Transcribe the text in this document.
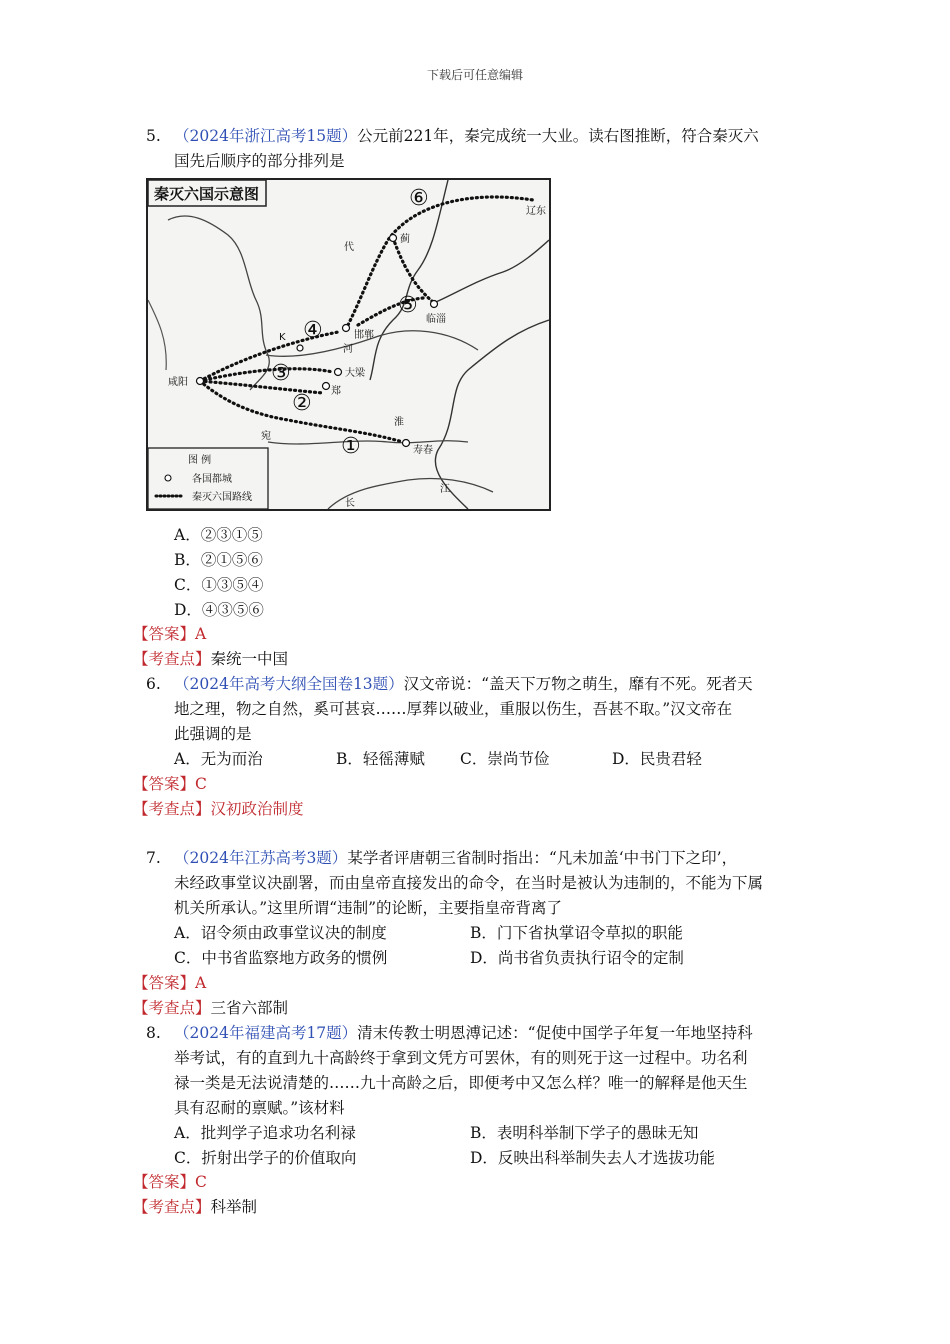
下载后可任意编辑
5. （2024年浙江高考15题）公元前221年，秦完成统一大业。读右图推断，符合秦灭六
国先后顺序的部分排列是
秦灭六国示意图
①
②
③
④
⑤
⑥
代
蓟
辽东
邯郸
临淄
河
大梁
郑
咸阳
宛
淮
寿春
江
长
K
图 例
各国都城
秦灭六国路线
A．②③①⑤
B．②①⑤⑥
C．①③⑤④
D．④③⑤⑥
【答案】A
【考查点】秦统一中国
6. （2024年高考大纲全国卷13题）汉文帝说：“盖天下万物之萌生，靡有不死。死者天
地之理，物之自然，奚可甚哀……厚葬以破业，重服以伤生，吾甚不取。”汉文帝在
此强调的是
A．无为而治	B．轻徭薄赋 C．崇尚节俭	D．民贵君轻
【答案】C
【考查点】汉初政治制度
7. （2024年江苏高考3题）某学者评唐朝三省制时指出：“凡未加盖‘中书门下之印’，
未经政事堂议决副署，而由皇帝直接发出的命令，在当时是被认为违制的，不能为下属
机关所承认。”这里所谓“违制”的论断，主要指皇帝背离了
A．诏令须由政事堂议决的制度	B．门下省执掌诏令草拟的职能
C．中书省监察地方政务的惯例	D．尚书省负责执行诏令的定制
【答案】A
【考查点】三省六部制
8. （2024年福建高考17题）清末传教士明恩溥记述：“促使中国学子年复一年地坚持科
举考试，有的直到九十高龄终于拿到文凭方可罢休，有的则死于这一过程中。功名利
禄一类是无法说清楚的……九十高龄之后，即便考中又怎么样？唯一的解释是他天生
具有忍耐的禀赋。”该材料
A．批判学子追求功名利禄	B．表明科举制下学子的愚昧无知
C．折射出学子的价值取向	D．反映出科举制失去人才选拔功能
【答案】C
【考查点】科举制
